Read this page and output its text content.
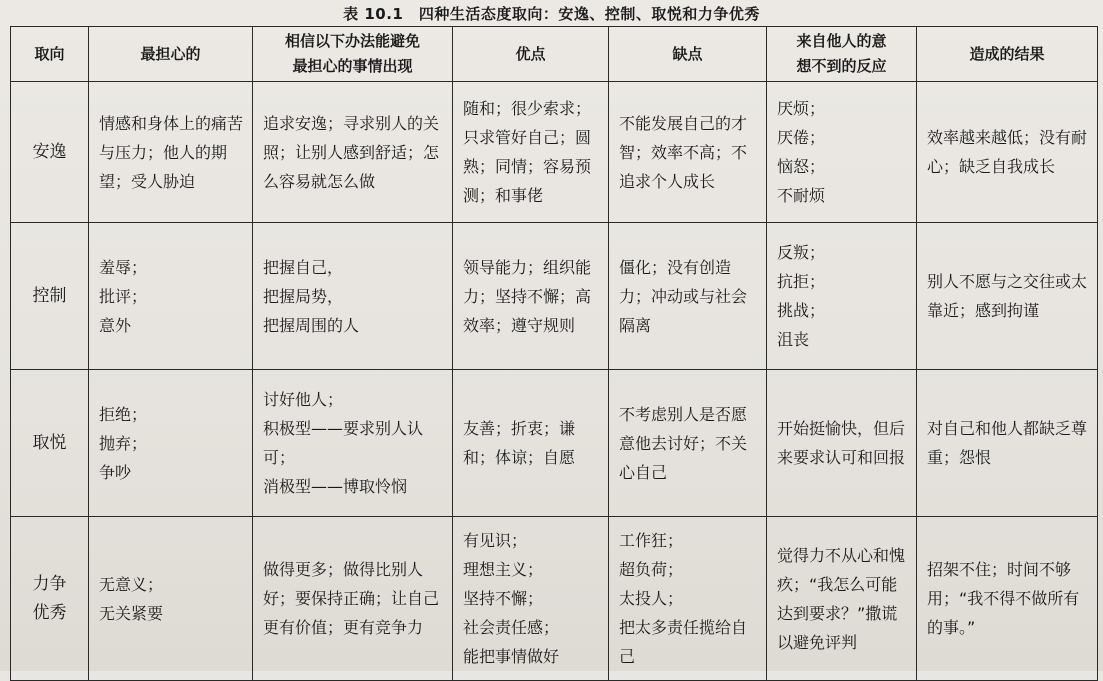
表 10.1　四种生活态度取向：安逸、控制、取悦和力争优秀
取向	最担心的	相信以下办法能避免
最担心的事情出现	优点	缺点	来自他人的意
想不到的反应	造成的结果
安逸	情感和身体上的痛苦与压力；他人的期望；受人胁迫	追求安逸；寻求别人的关照；让别人感到舒适；怎么容易就怎么做	随和；很少索求；只求管好自己；圆熟；同情；容易预测；和事佬	不能发展自己的才智；效率不高；不追求个人成长	厌烦；
厌倦；
恼怒；
不耐烦	效率越来越低；没有耐心；缺乏自我成长
控制	羞辱；
批评；
意外	把握自己，
把握局势，
把握周围的人	领导能力；组织能力；坚持不懈；高效率；遵守规则	僵化；没有创造力；冲动或与社会隔离	反叛；
抗拒；
挑战；
沮丧	别人不愿与之交往或太靠近；感到拘谨
取悦	拒绝；
抛弃；
争吵	讨好他人；
积极型——要求别人认可；
消极型——博取怜悯	友善；折衷；谦和；体谅；自愿	不考虑别人是否愿意他去讨好；不关心自己	开始挺愉快，但后来要求认可和回报	对自己和他人都缺乏尊重；怨恨
力争
优秀	无意义；
无关紧要	做得更多；做得比别人好；要保持正确；让自己更有价值；更有竞争力	有见识；
理想主义；
坚持不懈；
社会责任感；
能把事情做好	工作狂；
超负荷；
太投人；
把太多责任揽给自己	觉得力不从心和愧疚；“我怎么可能达到要求？”撒谎以避免评判	招架不住；时间不够用；“我不得不做所有的事。”
